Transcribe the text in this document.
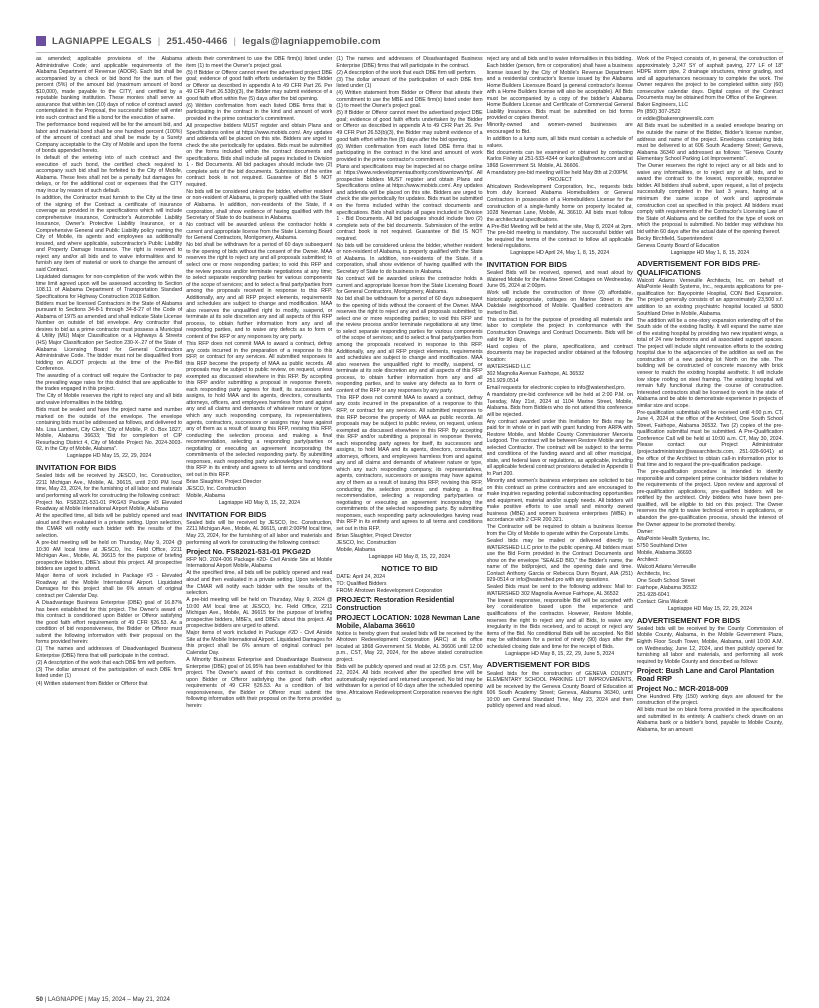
LAGNIAPPE LEGALS | 251.450-4466 | legals@lagniappemobile.com

as amended; applicable provisions of the Alabama Administrative Code; and applicable requirements of the Alabama Department of Revenue (ADOR). Each bid shall be accompanied by a check or bid bond for the sum of five percent (5%) of the amount bid (maximum amount of bond $10,000), made payable to the CITY, and certified by a reputable banking institution. These monies shall serve as assurance that within ten (10) days of notice of contract award contemplated in the Proposal, the successful bidder will enter into such contract and file a bond for the execution of same.

The performance bond required will be for the amount bid, and labor and material bond shall be one hundred percent (100%) of the amount of contract and shall be made by a Surety Company acceptable to the City of Mobile and upon the forms of bonds appended hereto.

In default of the entering into of such contract and the execution of such bond, the certified check required to accompany such bid shall be forfeited to the City of Mobile, Alabama. These fees shall not be a penalty but damages for delays, or for the additional cost or expenses that the CITY may incur by reason of such default.

In addition, the Contractor must furnish to the City at the time of the signing of the Contract a certificate of insurance coverage as provided in the specifications which will include comprehensive insurance, Contractor's Automobile Liability Insurance, Owner's Protective Liability Insurance, or a Comprehensive General and Public Liability policy naming the City of Mobile, its agents and employees as additionally insured, and where applicable, subcontractor's Public Liability and Property Damage Insurance. The right is reserved to reject any and/or all bids and to waive informalities and to furnish any item of material or work to change the amount of said Contract.

Liquidated damages for non-completion of the work within the time limit agreed upon will be assessed according to Section 108.11 of Alabama Department of Transportation Standard Specifications for Highway Construction 2018 Edition.

Bidders must be licensed Contractors in the State of Alabama pursuant to Sections 34-8-1 through 34-8-27 of the Code of Alabama of 1975 as amended and shall indicate State License Number on outside of bid envelope. Any contractor that desires to bid as a prime contractor must possess a Municipal & Utility (MU) Major Classification or a Highways & Streets (HS) Major Classification per Section 230-X-.27 of the State of Alabama Licensing Board for General Contractors Administrative Code. The bidder must not be disqualified from bidding on ALDOT projects at the time of the Pre-Bid Conference.

The awarding of a contract will require the Contractor to pay the prevailing wage rates for this district that are applicable to the trades engaged in this project.

The City of Mobile reserves the right to reject any and all bids and waive informalities in the bidding.

Bids must be sealed and have the project name and number marked on the outside of the envelope. The envelope containing bids must be addressed as follows, and delivered to Ms. Lisa Lambert, City Clerk; City of Mobile, P. O. Box 1827, Mobile, Alabama 36633; "Bid for completion of CIP Resurfacing District 4, City of Mobile Project No. 2024-3003-02, in the City of Mobile, Alabama".

Lagniappe HD May 15, 22, 29, 2024

INVITATION FOR BIDS

Sealed bids will be received by JESCO, Inc. Construction, 2211 Michigan Ave., Mobile, AL 36615, until 2:00 PM local time, May 23, 2024, for the furnishing of all labor and materials and performing all work for constructing the following contract:

Project No. FS82021-531-01 PKG#3 Package #3 Elevated Roadway at Mobile International Airport Mobile, Alabama

At the specified time, all bids will be publicly opened and read aloud and then evaluated in a private setting. Upon selection, the CMAR will notify each bidder with the results of the selection.

A pre-bid meeting will be held on Thursday, May 9, 2024 @ 10:30 AM local time at JESCO, Inc. Field Office, 2211 Michigan Ave., Mobile, AL 36615 for the purpose of briefing prospective bidders, DBE's about this project. All prospective bidders are urged to attend.

Major items of work included in Package #3 - Elevated Roadway at the Mobile International Airport. Liquidated Damages for this project shall be 6% annum of original contract per Calendar Day.

A Disadvantage Business Enterprise (DBE) goal of 16.87% has been established for this project. The Owner's award of this contract is conditioned upon Bidder or Offeror satisfying the good faith effort requirements of 49 CFR §26.53. As a condition of bid responsiveness, the Bidder or Offeror must submit the following information with their proposal on the forms provided herein:

(1) The names and addresses of Disadvantaged Business Enterprise (DBE) firms that will participate in the contract.

(2) A description of the work that each DBE firm will perform.

(3) The dollar amount of the participation of each DBE firm listed under (1)

(4) Written statement from Bidder or Offeror that

attests their commitment to use the DBE firm(s) listed under item (1) to meet the Owner's project goal.

(5) If Bidder or Offeror cannot meet the advertised project DBE goal; evidence of good faith efforts undertaken by the Bidder or Offeror as described in appendix A to 49 CFR Part 26. Per 49 CFR Part 26.53(b)(3), the Bidder may submit evidence of a good faith effort within five (5) days after the bid opening.

(6) Written confirmation from each listed DBE firms that is participating in the contract in the kind and amount of work provided in the prime contractor's commitment.

All prospective bidders MUST register and obtain Plans and Specifications online at https://www.mobids.com/. Any updates and addenda will be placed on this site. Bidders are urged to check the site periodically for updates. Bids must be submitted on the forms included within the contract documents and specifications. Bids shall include all pages included in Division 1 - Bid Documents. All bid packages should include two (2) complete sets of the bid documents. Submission of the entire contract book is not required. Guarantee of Bid 5 NOT required.

No bids will be considered unless the bidder, whether resident or non-resident of Alabama, is properly qualified with the State of Alabama. In addition, non-residents of the State, if a corporation, shall show evidence of having qualified with the Secretary of State to do business in Alabama.

No contract will be awarded unless the contractor holds a current and appropriate license from the State Licensing Board for General Contractors, Montgomery, Alabama.

No bid shall be withdrawn for a period of 60 days subsequent to the opening of bids without the consent of the Owner. MAA reserves the right to reject any and all proposals submitted; to select one or more responding parties; to void this RFP and the review process and/or terminate negotiations at any time; to select separate responding parties for various components of the scope of services; and to select a final party/parties from among the proposals received in response to this RFP. Additionally, any and all RFP project elements, requirements and schedules are subject to change and modification. MAA also reserves the unqualified right to modify, suspend, or terminate at its sole discretion any and all aspects of this RFP process, to obtain further information from any and all responding parties, and to waive any defects as to form or content of the RFP or any responses by any party.

This RFP does not commit MAA to award a contract, defray any costs incurred in the preparation of a response to this RFP, or contract for any services. All submitted responses to this RFP become the property of MAA as public records. All proposals may be subject to public review, on request, unless exempted as discussed elsewhere in this RFP. By accepting this RFP and/or submitting a proposal in response thereto, each responding party agrees for itself, its successors and assigns, to hold MAA and its agents, directors, consultants, attorneys, officers, and employees harmless from and against any and all claims and demands of whatever nature or type, which any such responding company, its representatives, agents, contractors, successors or assigns may have against any of them as a result of issuing this RFP, revising this RFP, conducting the selection process and making a final recommendation, selecting a responding party/parties or negotiating or executing an agreement incorporating the commitments of the selected responding party. By submitting responses, each responding party acknowledges having read this RFP in its entirety and agrees to all terms and conditions set out in this RFP.

Brian Slaughter, Project Director

JESCO, Inc. Construction

Mobile, Alabama

Lagniappe HD May 8, 15, 22, 2024

INVITATION FOR BIDS

Sealed bids will be received by JESCO, Inc. Construction, 2211 Michigan Ave., Mobile, AL 36615, until 2:00PM local time, May 23, 2024, for the furnishing of all labor and materials and performing all work for constructing the following contract:

Project No. FS82021-531-01 PKG#2D

RFP NO. 2024-006 Package #2D- Civil Airside Site at Mobile International Airport Mobile, Alabama

At the specified time, all bids will be publicly opened and read aloud and then evaluated in a private setting. Upon selection, the CMAR will notify each bidder with the results of the selection.

A pre-bid meeting will be held on Thursday, May 9, 2024 @ 10:00 AM local time at JESCO, Inc. Field Office, 2211 Michigan Ave., Mobile, AL 36615 for the purpose of briefing prospective bidders, MBE's, and DBE's about this project. All prospective bidders are urged to attend.

Major items of work included in Package #2D - Civil Airside Site at the Mobile International Airport. Liquidated Damages for this project shall be 6% annum of original contract per Calendar Day.

A Minority Business Enterprise and Disadvantage Business Enterprise (DBE) goal of 16.95% has been established for this project. The Owner's award of this contract is conditioned upon Bidder or Offeror satisfying the good faith effort requirements of 49 CFR §26.53. As a condition of bid responsiveness, the Bidder or Offeror must submit the following information with their proposal on the forms provided herein:

(1) The names and addresses of Disadvantaged Business Enterprise (DBE) firms that will participate in the contract.

(2) A description of the work that each DBE firm will perform.

(3) The dollar amount of the participation of each DBE firm listed under (1)

(4) Written statement from Bidder or Offeror that attests their commitment to use the MBE and DBE firm(s) listed under item (1) to meet the Owner's project goal.

(5) If Bidder or Offeror cannot meet the advertised project DBE goal; evidence of good faith efforts undertaken by the Bidder or Offeror as described in appendix A to 49 CFR Part 26. Per 49 CFR Part 26.53(b)(3), the Bidder may submit evidence of a good faith effort within five (5) days after the bid opening.

(6) Written confirmation from each listed DBE firms that is participating in the contract in the kind and amount of work provided in the prime contractor's commitment.

Plans and specifications may be inspected at no charge online at https://www.redevelopmentauthority.com/downtown/rfp/. All prospective bidders MUST register and obtain Plans and Specifications online at https://www.mobids.com/. Any updates and addenda will be placed on this site. Bidders are urged to check the site periodically for updates. Bids must be submitted on the forms included within the contract documents and specifications. Bids shall include all pages included in Division 1 - Bid Documents. All bid packages should include two (2) complete sets of the bid documents. Submission of the entire contract book is not required. Guarantee of Bid IS NOT required.

No bids will be considered unless the bidder, whether resident or non-resident of Alabama, is properly qualified with the State of Alabama. In addition, non-residents of the State, if a corporation, shall show evidence of having qualified with the Secretary of State to do business in Alabama.

No contract will be awarded unless the contractor holds a current and appropriate license from the State Licensing Board for General Contractors, Montgomery, Alabama.

No bid shall be withdrawn for a period of 60 days subsequent to the opening of bids without the consent of the Owner. MAA reserves the right to reject any and all proposals submitted; to select one or more responding parties; to void this RFP and the review process and/or terminate negotiations at any time; to select separate responding parties for various components of the scope of services; and to select a final party/parties from among the proposals received in response to this RFP. Additionally, any and all RFP project elements, requirements and schedules are subject to change and modification. MAA also reserves the unqualified right to modify, suspend, or terminate at its sole discretion any and all aspects of this RFP process, to obtain further information from any and all responding parties, and to waive any defects as to form or content of the RFP or any responses by any party.

This RFP does not commit MAA to award a contract, defray any costs incurred in the preparation of a response to this RFP, or contract for any services. All submitted responses to this RFP become the property of MAA as public records. All proposals may be subject to public review, on request, unless exempted as discussed elsewhere in this RFP. By accepting this RFP and/or submitting a proposal in response thereto, each responding party agrees for itself, its successors and assigns, to hold MAA and its agents, directors, consultants, attorneys, officers, and employees harmless from and against any and all claims and demands of whatever nature or type, which any such responding company, its representatives, agents, contractors, successors or assigns may have against any of them as a result of issuing this RFP, revising this RFP, conducting the selection process and making a final recommendation, selecting a responding party/parties or negotiating or executing an agreement incorporating the commitments of the selected responding party. By submitting responses, each responding party acknowledges having read this RFP in its entirety and agrees to all terms and conditions set out in this RFP.

Brian Slaughter, Project Director

JESCO, Inc. Construction

Mobile, Alabama

Lagniappe HD May 8, 15, 22, 2024

NOTICE TO BID

DATE: April 24, 2024

TO: Qualified Bidders

FROM: Afrotown Redevelopment Corporation

PROJECT: Restoration Residential Construction
PROJECT LOCATION: 1028 Newman Lane Mobile, Alabama 36610

Notice is hereby given that sealed bids will be received by the Afrotown Redevelopment Corporation (ARC) at its office located at 1868 Government St. Mobile, AL 36606 until 12:00 p.m., CST, May 22, 2024, for the above stated construction project.

Bids will be publicly opened and read at 12:05 p.m. CST, May 22, 2024. All bids received after the specified time will be automatically rejected and returned unopened. No bid may be withdrawn for a period of 60 days after the scheduled opening time. Africatown Redevelopment Corporation reserves the right to

reject any and all bids and to waive informalities in this bidding.

Each bidder (person, firm or corporation) shall have a business license issued by the City of Mobile's Revenue Department and a residential contractor's license issued by the Alabama Home Builders Licensure Board (a general contractor's license with a Home Builders license will also be acceptable). All Bids must be accompanied by a copy of the bidder's Alabama Home Builders License and Certificate of Commercial General Liability Insurance. Bids must be submitted on bid forms provided or copies thereof.

Minority-owned and women-owned businesses are encouraged to Bid.

In addition to a lump sum, all bids must contain a schedule of values.

Bid documents can be examined or obtained by contacting Karlos Finley at 251-533-4344 or karlos@afrownrc.com and at 1868 Government St. Mobile, AL 36606.

A mandatory pre-bid meeting will be held May 8th at 2:00PM.

PROJECT

Africatown Redevelopment Corporation, Inc., requests bids from duly licensed Alabama Homebuilders or General Contractors in possession of a Homebuilders License for the construction of a single-family home on property located at, 1028 Newman Lane, Mobile, AL 36610. All bids must follow the architectural specifications.

A Pre-Bid Meeting will be held at the site, May 8, 2024 at 2pm. The pre-bid meeting is mandatory. The successful bidder will be required the terms of the contract to follow all applicable federal regulations.

Lagniappe HD April 24, May 1, 8, 15, 2024

INVITATION FOR BIDS

Sealed Bids will be received, opened, and read aloud by Watered Mobile for the Marine Street Cottages on Wednesday, June 05, 2024 at 2:00pm.

Work will include the construction of three (3) affordable, historically appropriate, cottages on Marine Street in the Oakdale neighborhood of Mobile. Qualified contractors are invited to Bid.

This contract is for the purpose of providing all materials and labor to complete the project in conformance with the Construction Drawings and Contract Documents. Bids will be valid for 90 days.

Hard copies of the plans, specifications, and contract documents may be inspected and/or obtained at the following location:

WATERSHED LLC

302 Magnolia Avenue Fairhope, AL 36532

251.929.0514

Email requests for electronic copies to info@watershed.pro.

A mandatory pre-bid conference will be held at 2:00 P.M. on Tuesday, May 21st, 2024 at 1104 Marine Street, Mobile, Alabama. Bids from Bidders who do not attend this conference will be rejected.

Any contract awarded under this Invitation for Bids may be paid for in whole or in part with grant funding from ARPA with Restore Mobile, and Mobile County Commissioner Merceria Ludgood. The contract will be between Restore Mobile and the selected Contractor. The contract will be subject to the terms and conditions of the funding award and all other municipal, state, and federal laws or regulations, as applicable, including all applicable federal contract provisions detailed in Appendix II to Part 200.

Minority and women's business enterprises are solicited to bid on this contract as prime contractors and are encouraged to make inquiries regarding potential subcontracting opportunities and equipment, material and/or supply needs. All bidders will make positive efforts to use small and minority owned business (MBE) and women business enterprises (WBE) in accordance with 2 CFR 200.321.

The Contractor will be required to obtain a business license from the City of Mobile to operate within the Corporate Limits.

Sealed bids may be mailed or delivered directly to WATERSHED LLC prior to the public opening. All bidders must use the Bid Form provided in the Contract Documents and show on the envelope "SEALED BID," the Bidder's name, the name of the bid/project, and the opening date and time. Contact Anthony Garcia or Rebecca Dunn Bryant, AIA (251) 929-0514 or info@watershed.pro with any questions.

Sealed Bids must be sent to the following address: Mail to: WATERSHED 302 Magnolia Avenue Fairhope, AL 36532

The lowest responsive, responsible Bid will be accepted with key consideration based upon the experience and qualifications of the contractor. However, Restore Mobile, reserves the right to reject any and all Bids, to waive any irregularity in the Bids received, and to accept or reject any items of the Bid. No conditional Bids will be accepted. No Bid may be withdrawn for a period of ninety (90) days after the scheduled closing date and time for the receipt of Bids.

Lagniappe HD May 8, 15, 22, 29, June 5, 2024

ADVERTISEMENT FOR BIDS

Sealed bids for the construction of GENEVA COUNTY ELEMENTARY SCHOOL PARKING LOT IMPROVEMENTS, will be received by the Geneva County Board of Education at 606 South Academy Street; Geneva, Alabama 36340, until 10:00 am Central Standard Time, May 23, 2024 and then publicly opened and read aloud.

Work of the Project consists of, in general, the construction of approximately 3,247 SY of asphalt paving, 277 LF of 18" HDPE storm pipe, 2 drainage structures, minor grading, sod and all appurtenances necessary to complete the work. The Owner requires the project to be completed within sixty (60) consecutive calendar days. Digital copies of the Contract Documents may be obtained from the Office of the Engineer.

Baker Engineers, LLC

Ph (850) 307-2522

or eddie@bakerengineersllc.com

All Bids must be submitted in a sealed envelope bearing on the outside the name of the Bidder, Bidder's license number, address and name of the project. Envelopes containing bids must be delivered to at 606 South Academy Street; Geneva, Alabama 36340 and addressed as follows: "Geneva County Elementary School Parking Lot Improvements".

The Owner reserves the right to reject any or all bids and to waive any informalities, or to reject any or all bids, and to award the contract to the lowest, responsible, responsive bidder. All bidders shall submit, upon request, a list of projects successfully completed in the last 3 years, having at a minimum the same scope of work and approximate construction cost as specified in this project. All bidders must comply with requirements of the Contractor's Licensing Law of the State of Alabama and be certified for the type of work on which the proposal is submitted. No bidder may withdraw his bid within 60 days after the actual date of the opening thereof.

Becky Birchfield, Superintendent

Geneva County Board of Education

Lagniappe HD May 1, 8, 15, 2024

ADVERTISEMENT FOR BIDS PRE-QUALIFICATIONS

Walcott Adams Verneuille Architects, Inc. on behalf of AltaPointe Health Systems, Inc., requests applications for pre-qualification for: Bayopointe Hospital, CON Bed Expansion. The project generally consists of an approximately 23,500 s.f. addition to an existing psychiatric hospital located at 5800 Southland Drive in Mobile, Alabama.

The addition will be a one-story expansion extending off of the South side of the existing facility. It will expand the same size of the existing hospital by providing two new inpatient wings, a total of 24 new bedrooms and all associated support spaces. The project will include slight renovation efforts to the existing hospital due to the adjacencies of the addition as well as the construction of a new parking lot North on the site. The building will be constructed of concrete masonry with brick veneer to match the existing hospital aesthetic. It will include low slope roofing on steel framing. The existing hospital will remain fully functional during the course of construction. Interested contractors shall be licensed to work in the state of Alabama and be able to demonstrate experience in projects of similar size and scope.

Pre-qualification submittals will be received until 4:00 p.m. CT, June 4, 2024 at the office of the Architect, One South School Street, Fairhope, Alabama 36532. Two (2) copies of the pre-qualification submittal must be submitted. A Pre-Qualification Conference Call will be held at 10:00 a.m. CT, May 30, 2024. Please contact our Project Administrator (projectadministrator@wavarchitects.com, 251-928-6041) at the office of the Architect to obtain call-in information prior to that time and to request the pre-qualification package.

The pre-qualification procedure is intended to identify responsible and competent prime contractor bidders relative to the requirements of the project. Upon review and approval of pre-qualification applications, pre-qualified bidders will be notified by the architect. Only bidders who have been pre-qualified, will be eligible to bid on this project. The Owner reserves the right to waive technical errors in applications, or abandon the pre-qualification process, should the interest of the Owner appear to be promoted thereby.

Owner:

AltaPointe Health Systems, Inc.

5750 Southland Drive

Mobile, Alabama 36693

Architect:

Walcott Adams Verneuille

Architects, Inc.

One South School Street

Fairhope, Alabama 36532

251-928-6041

Contact: Gina Walcott

Lagniappe HD May 15, 22, 29, 2024

ADVERTISEMENT FOR BIDS

Sealed bids will be received by the County Commission of Mobile County, Alabama, in the Mobile Government Plaza, Eighth Floor South Tower, Mobile, Alabama, until 10:00 A.M. on Wednesday, June 12, 2024, and then publicly opened for furnishing all labor and materials, and performing all work required by Mobile County and described as follows:

Project: Bush Lane and Carol Plantation Road RRP
Project No.: MCR-2018-009

One Hundred Fifty (150) working days are allowed for the construction of the project.

All bids must be on blank forms provided in the specifications and submitted in its entirety. A cashier's check drawn on an Alabama bank or a bidder's bond, payable to Mobile County, Alabama, for an amount

50 | LAGNIAPPE | May 15, 2024 – May 21, 2024
